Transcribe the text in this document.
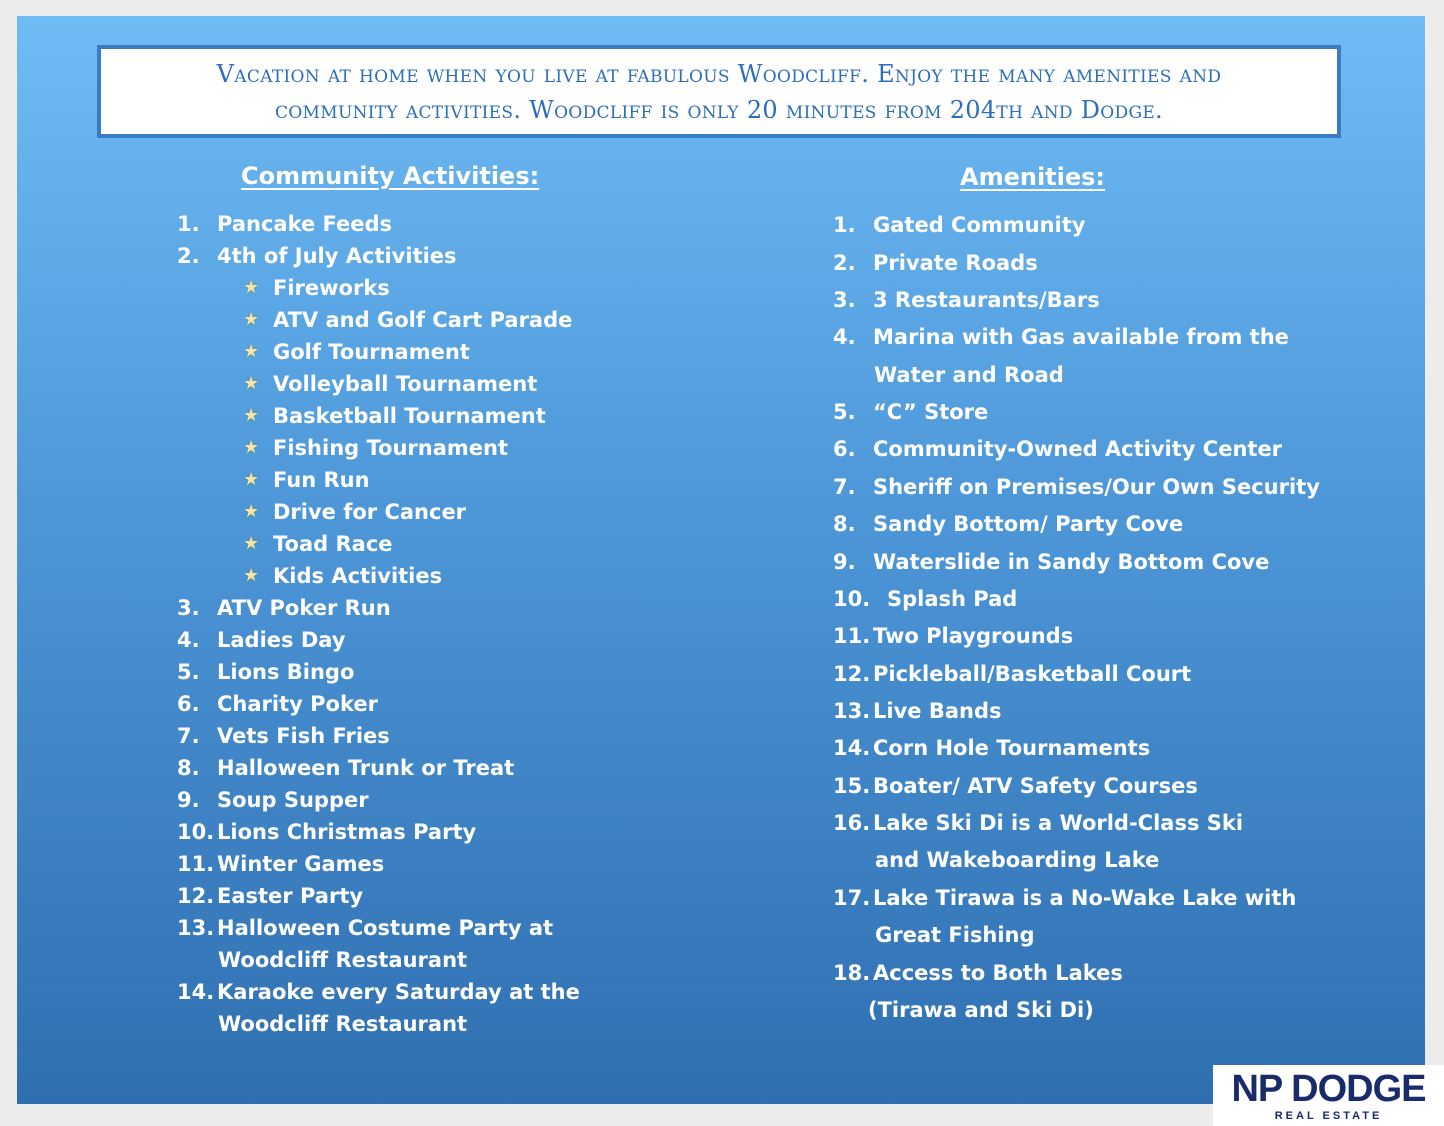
Vacation at home when you live at fabulous Woodcliff. Enjoy the many amenities and
community activities. Woodcliff is only 20 minutes from 204th and Dodge.
Community Activities:
1. Pancake Feeds
2. 4th of July Activities
★ Fireworks
★ ATV and Golf Cart Parade
★ Golf Tournament
★ Volleyball Tournament
★ Basketball Tournament
★ Fishing Tournament
★ Fun Run
★ Drive for Cancer
★ Toad Race
★ Kids Activities
3. ATV Poker Run
4. Ladies Day
5. Lions Bingo
6. Charity Poker
7. Vets Fish Fries
8. Halloween Trunk or Treat
9. Soup Supper
10. Lions Christmas Party
11. Winter Games
12. Easter Party
13. Halloween Costume Party at
Woodcliff Restaurant
14. Karaoke every Saturday at the
Woodcliff Restaurant
Amenities:
1. Gated Community
2. Private Roads
3. 3 Restaurants/Bars
4. Marina with Gas available from the
Water and Road
5. “C” Store
6. Community-Owned Activity Center
7. Sheriff on Premises/Our Own Security
8. Sandy Bottom/ Party Cove
9. Waterslide in Sandy Bottom Cove
10. Splash Pad
11. Two Playgrounds
12. Pickleball/Basketball Court
13. Live Bands
14. Corn Hole Tournaments
15. Boater/ ATV Safety Courses
16. Lake Ski Di is a World-Class Ski
and Wakeboarding Lake
17. Lake Tirawa is a No-Wake Lake with
Great Fishing
18. Access to Both Lakes
(Tirawa and Ski Di)
NP DODGE
REAL ESTATE
